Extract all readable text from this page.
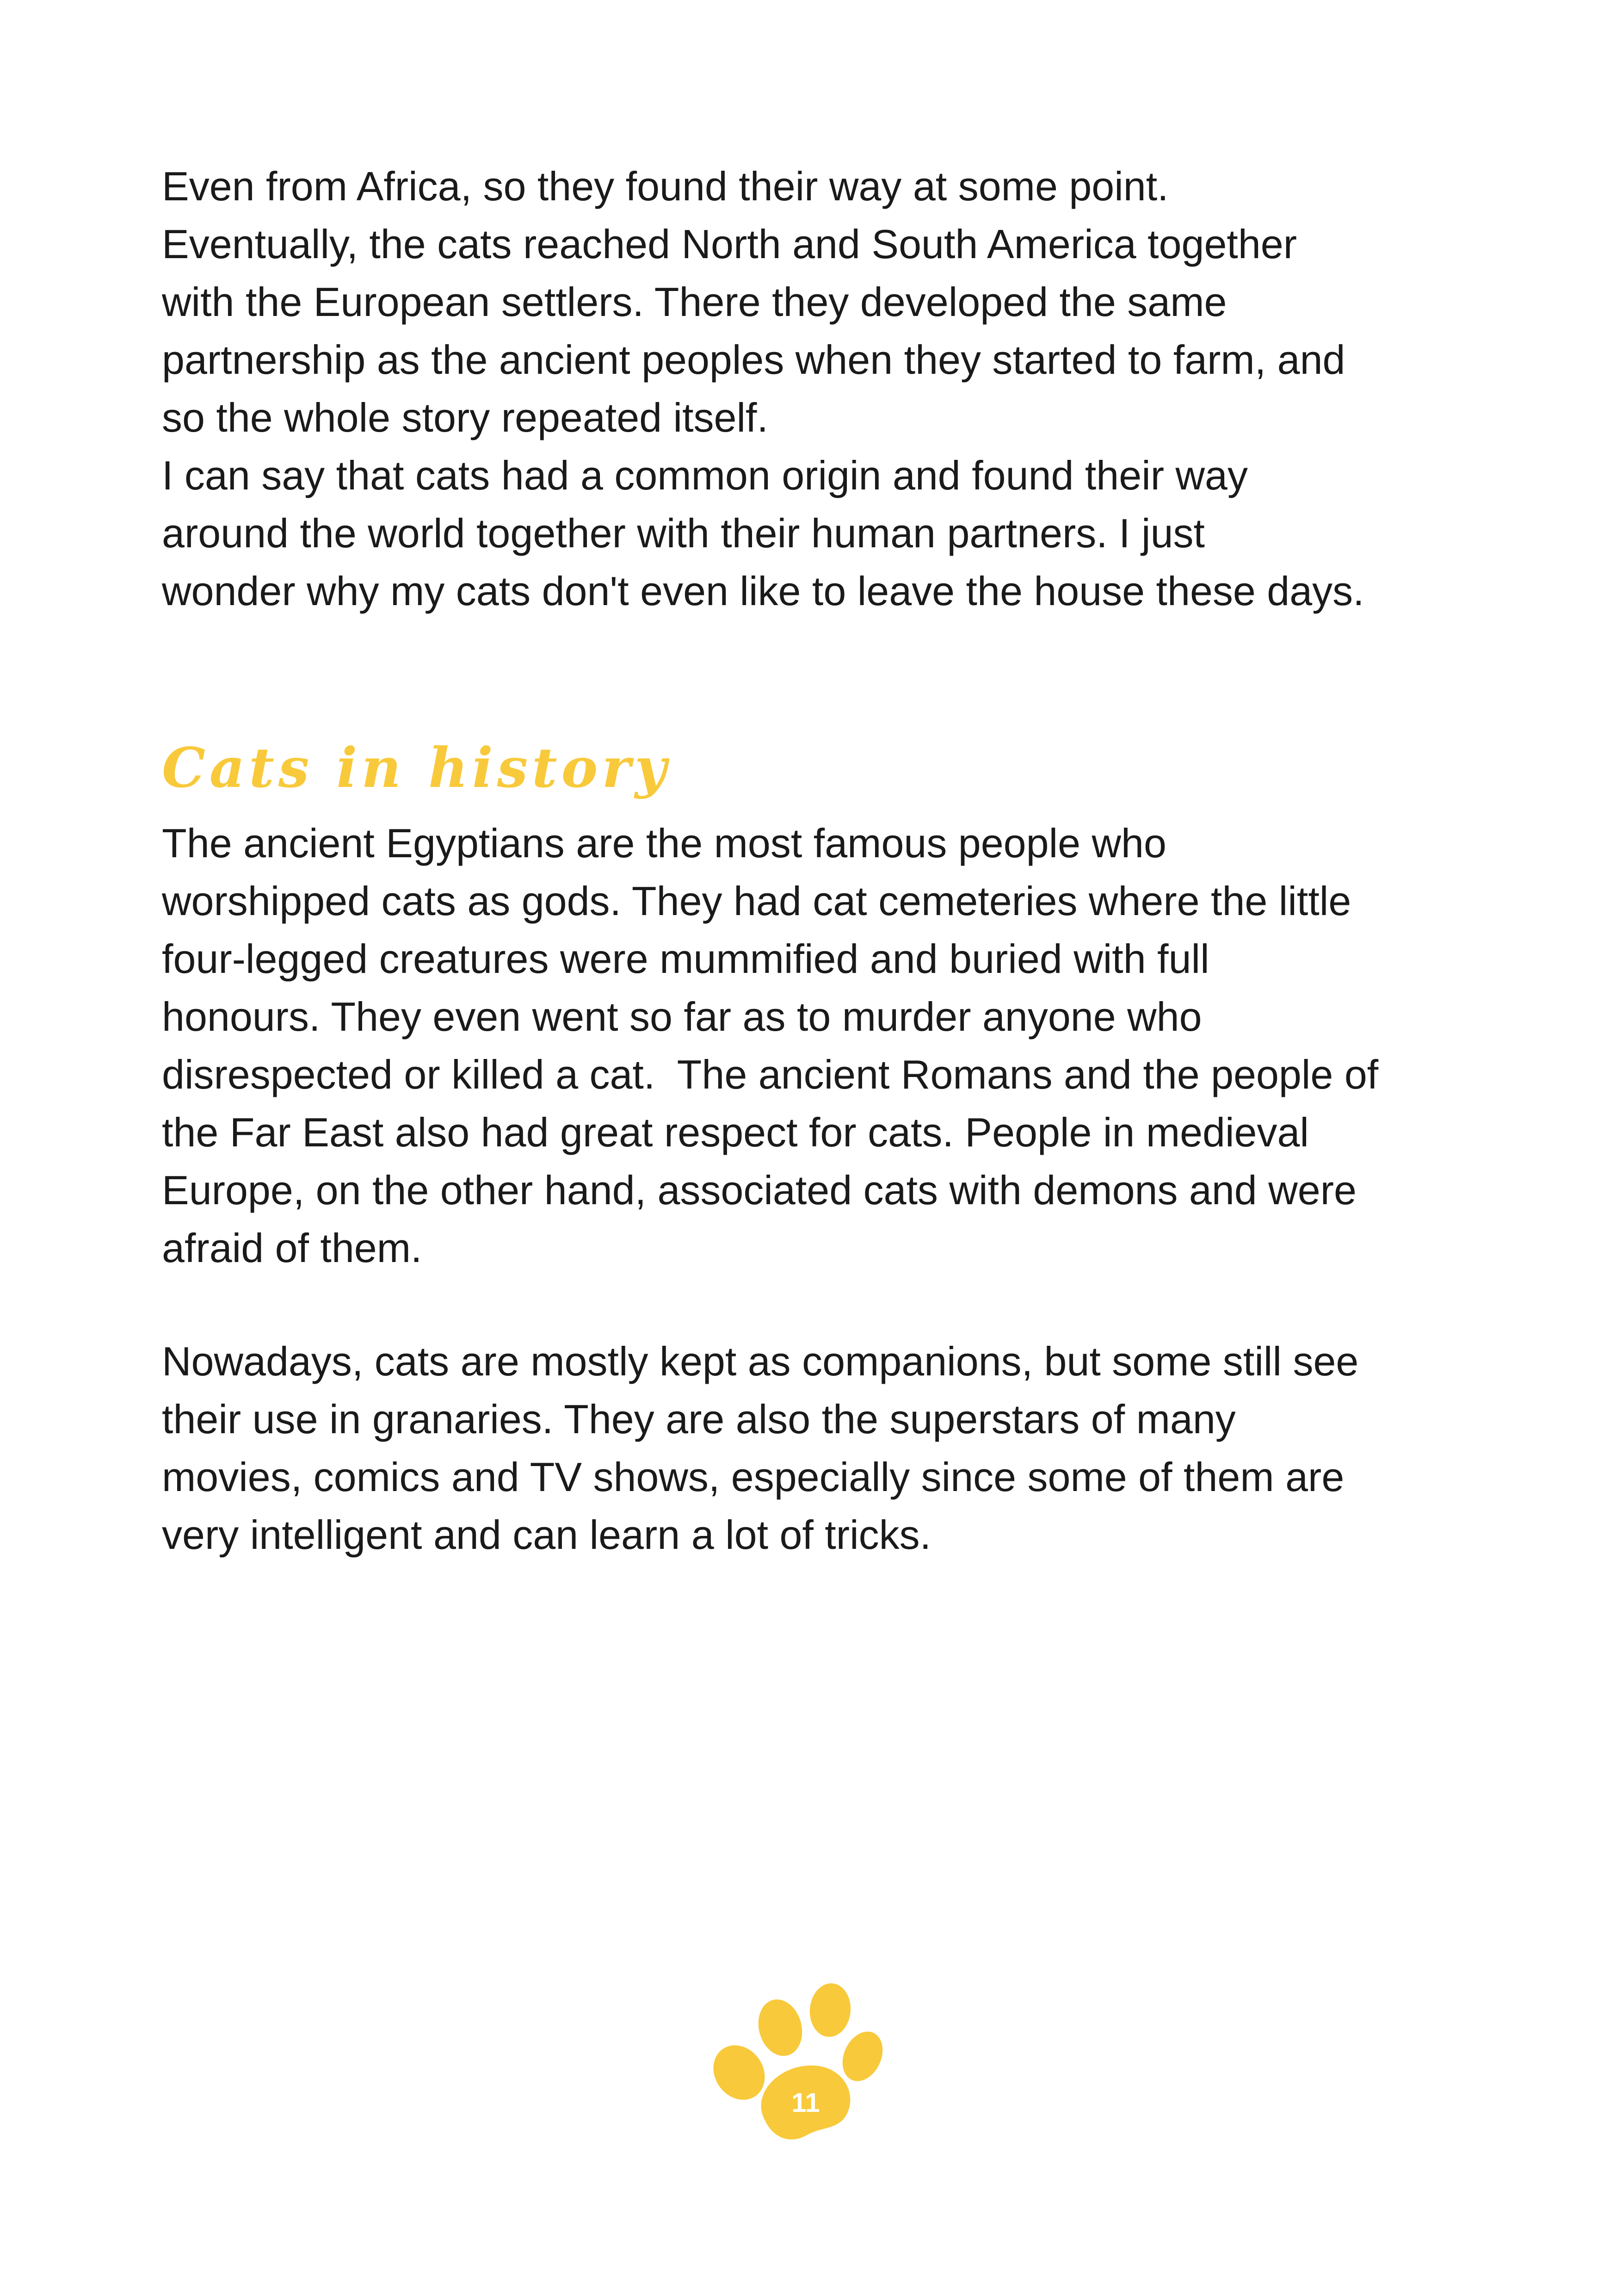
Even from Africa, so they found their way at some point.

Eventually, the cats reached North and South America together

with the European settlers. There they developed the same

partnership as the ancient peoples when they started to farm, and

so the whole story repeated itself.

I can say that cats had a common origin and found their way

around the world together with their human partners. I just

wonder why my cats don't even like to leave the house these days.

Cats in history

The ancient Egyptians are the most famous people who

worshipped cats as gods. They had cat cemeteries where the little

four-legged creatures were mummified and buried with full

honours. They even went so far as to murder anyone who

disrespected or killed a cat.  The ancient Romans and the people of

the Far East also had great respect for cats. People in medieval

Europe, on the other hand, associated cats with demons and were

afraid of them.

Nowadays, cats are mostly kept as companions, but some still see

their use in granaries. They are also the superstars of many

movies, comics and TV shows, especially since some of them are

very intelligent and can learn a lot of tricks.

11
